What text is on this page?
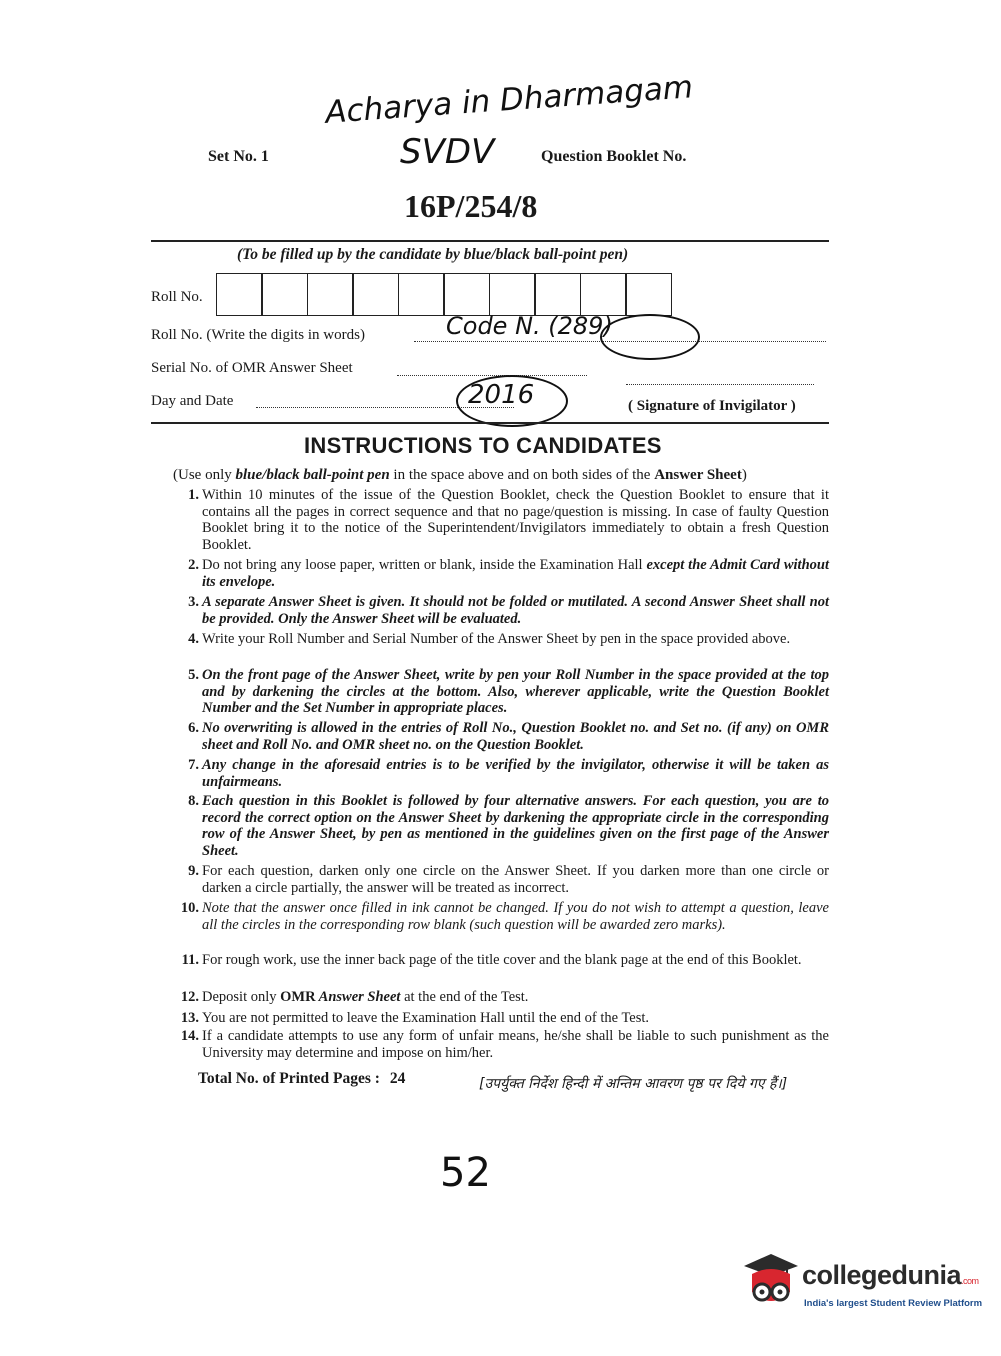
Acharya in Dharmagam
SVDV
Set No. 1	Question Booklet No.
16P/254/8
(To be filled up by the candidate by blue/black ball-point pen)
Roll No.
Roll No. (Write the digits in words)	Code N. (289)
Serial No. of OMR Answer Sheet
Day and Date	2016	( Signature of Invigilator )
INSTRUCTIONS TO CANDIDATES
(Use only blue/black ball-point pen in the space above and on both sides of the Answer Sheet)
1. Within 10 minutes of the issue of the Question Booklet, check the Question Booklet to ensure that it contains all the pages in correct sequence and that no page/question is missing. In case of faulty Question Booklet bring it to the notice of the Superintendent/Invigilators immediately to obtain a fresh Question Booklet.
2. Do not bring any loose paper, written or blank, inside the Examination Hall except the Admit Card without its envelope.
3. A separate Answer Sheet is given. It should not be folded or mutilated. A second Answer Sheet shall not be provided. Only the Answer Sheet will be evaluated.
4. Write your Roll Number and Serial Number of the Answer Sheet by pen in the space provided above.
5. On the front page of the Answer Sheet, write by pen your Roll Number in the space provided at the top and by darkening the circles at the bottom. Also, wherever applicable, write the Question Booklet Number and the Set Number in appropriate places.
6. No overwriting is allowed in the entries of Roll No., Question Booklet no. and Set no. (if any) on OMR sheet and Roll No. and OMR sheet no. on the Question Booklet.
7. Any change in the aforesaid entries is to be verified by the invigilator, otherwise it will be taken as unfairmeans.
8. Each question in this Booklet is followed by four alternative answers. For each question, you are to record the correct option on the Answer Sheet by darkening the appropriate circle in the corresponding row of the Answer Sheet, by pen as mentioned in the guidelines given on the first page of the Answer Sheet.
9. For each question, darken only one circle on the Answer Sheet. If you darken more than one circle or darken a circle partially, the answer will be treated as incorrect.
10. Note that the answer once filled in ink cannot be changed. If you do not wish to attempt a question, leave all the circles in the corresponding row blank (such question will be awarded zero marks).
11. For rough work, use the inner back page of the title cover and the blank page at the end of this Booklet.
12. Deposit only OMR Answer Sheet at the end of the Test.
13. You are not permitted to leave the Examination Hall until the end of the Test.
14. If a candidate attempts to use any form of unfair means, he/she shall be liable to such punishment as the University may determine and impose on him/her.
Total No. of Printed Pages : 24	[उपर्युक्त निर्देश हिन्दी में अन्तिम आवरण पृष्ठ पर दिये गए हैं।]
52
collegedunia.com
India's largest Student Review Platform
